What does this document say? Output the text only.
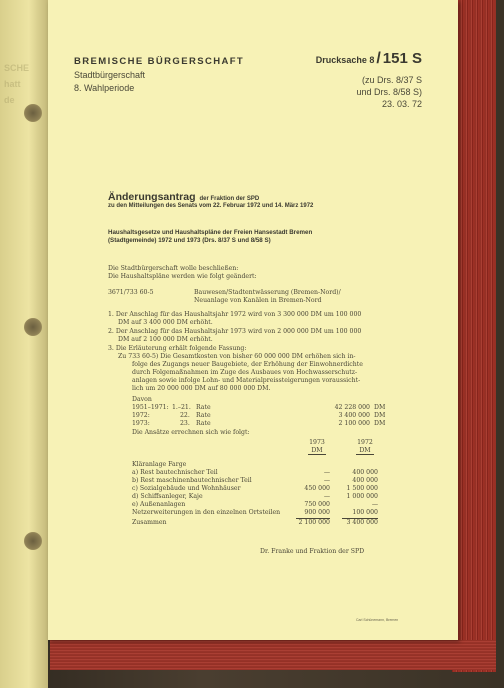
SCHE
hatt
de
BREMISCHE BÜRGERSCHAFT
Stadtbürgerschaft
8. Wahlperiode
Drucksache 8 / 151 S
(zu Drs. 8/37 S
und Drs. 8/58 S)
23. 03. 72
Änderungsantrag der Fraktion der SPD
zu den Mitteilungen des Senats vom 22. Februar 1972 und 14. März 1972
Haushaltsgesetze und Haushaltspläne der Freien Hansestadt Bremen
(Stadtgemeinde) 1972 und 1973 (Drs. 8/37 S und 8/58 S)
Die Stadtbürgerschaft wolle beschließen:
Die Haushaltspläne werden wie folgt geändert:
3671/733 60-5	Bauwesen/Stadtentwässerung (Bremen-Nord)/
Neuanlage von Kanälen in Bremen-Nord
1. Der Anschlag für das Haushaltsjahr 1972 wird von 3 300 000 DM um 100 000
DM auf 3 400 000 DM erhöht.
2. Der Anschlag für das Haushaltsjahr 1973 wird von 2 000 000 DM um 100 000
DM auf 2 100 000 DM erhöht.
3. Die Erläuterung erhält folgende Fassung:
Zu 733 60-5) Die Gesamtkosten von bisher 60 000 000 DM erhöhen sich in-
folge des Zugangs neuer Baugebiete, der Erhöhung der Einwohnerdichte
durch Folgemaßnahmen im Zuge des Ausbaues von Hochwasserschutz-
anlagen sowie infolge Lohn- und Materialpreissteigerungen voraussicht-
lich um 20 000 000 DM auf 80 000 000 DM.
Davon
1951–1971: 1.–21. Rate	42 228 000 DM
1972:	22. Rate	3 400 000 DM
1973:	23. Rate	2 100 000 DM
Die Ansätze errechnen sich wie folgt:
1973	1972
DM	DM
Kläranlage Farge
a) Rest bautechnischer Teil	—	400 000
b) Rest maschinenbautechnischer Teil	—	400 000
c) Sozialgebäude und Wohnhäuser	450 000	1 500 000
d) Schiffsanleger, Kaje	—	1 000 000
e) Außenanlagen	750 000	—
Netzerweiterungen in den einzelnen Ortsteilen	900 000	100 000
Zusammen	2 100 000	3 400 000
Dr. Franke und Fraktion der SPD
Carl Schünemann, Bremen
